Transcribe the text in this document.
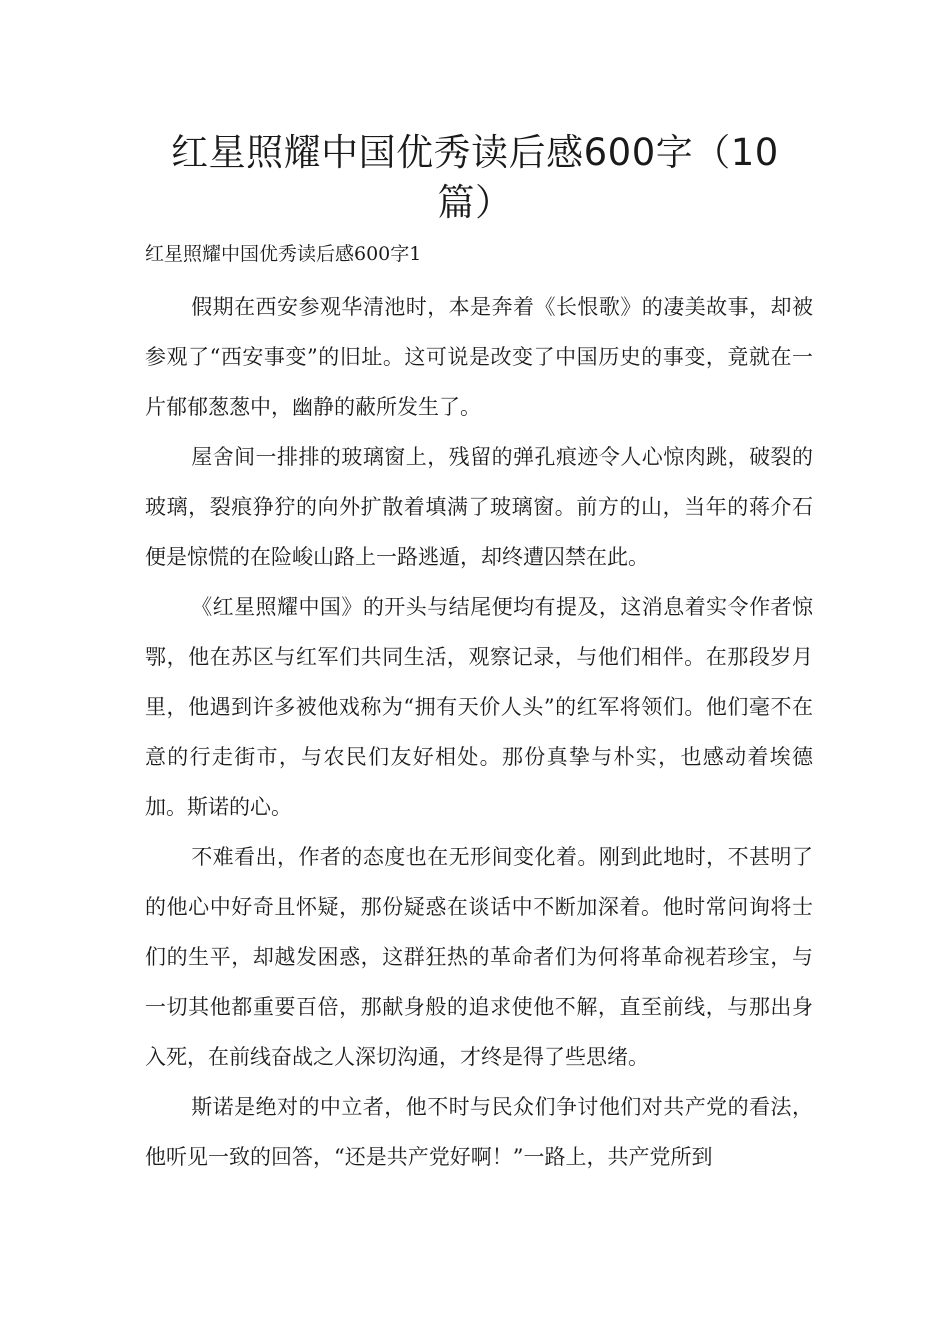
红星照耀中国优秀读后感600字（10篇）

红星照耀中国优秀读后感600字1

假期在西安参观华清池时，本是奔着《长恨歌》的凄美故事，却被参观了“西安事变”的旧址。这可说是改变了中国历史的事变，竟就在一片郁郁葱葱中，幽静的蔽所发生了。

屋舍间一排排的玻璃窗上，残留的弹孔痕迹令人心惊肉跳，破裂的玻璃，裂痕狰狞的向外扩散着填满了玻璃窗。前方的山，当年的蒋介石便是惊慌的在险峻山路上一路逃遁，却终遭囚禁在此。

《红星照耀中国》的开头与结尾便均有提及，这消息着实令作者惊鄂，他在苏区与红军们共同生活，观察记录，与他们相伴。在那段岁月里，他遇到许多被他戏称为“拥有天价人头”的红军将领们。他们毫不在意的行走街市，与农民们友好相处。那份真挚与朴实，也感动着埃德加。斯诺的心。

不难看出，作者的态度也在无形间变化着。刚到此地时，不甚明了的他心中好奇且怀疑，那份疑惑在谈话中不断加深着。他时常问询将士们的生平，却越发困惑，这群狂热的革命者们为何将革命视若珍宝，与一切其他都重要百倍，那献身般的追求使他不解，直至前线，与那出身入死，在前线奋战之人深切沟通，才终是得了些思绪。

斯诺是绝对的中立者，他不时与民众们争讨他们对共产党的看法，他听见一致的回答，“还是共产党好啊！”一路上，共产党所到
